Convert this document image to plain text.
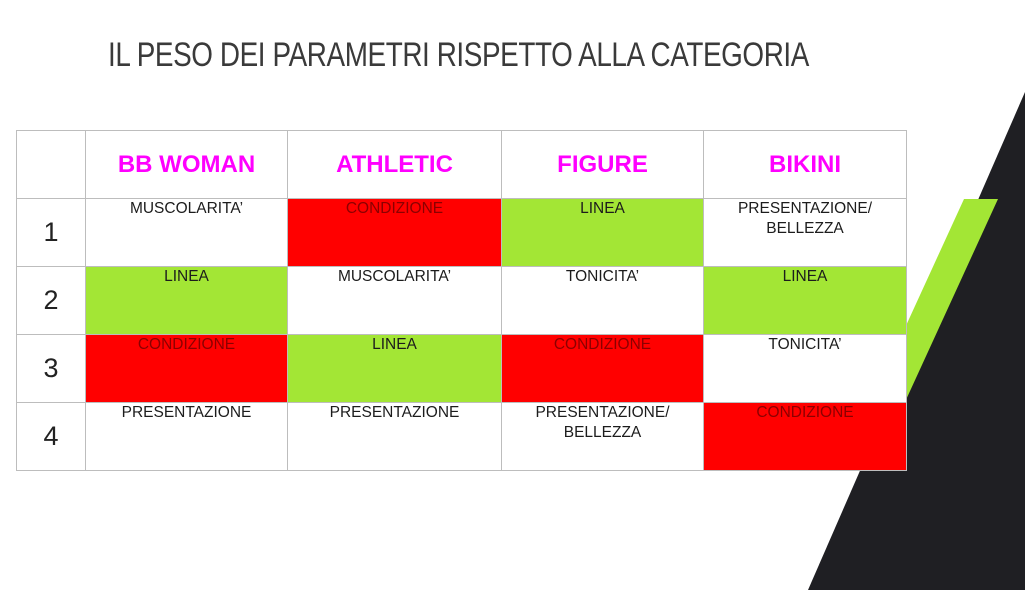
IL PESO DEI PARAMETRI RISPETTO ALLA CATEGORIA
	BB WOMAN	ATHLETIC	FIGURE	BIKINI
1	MUSCOLARITA’	CONDIZIONE	LINEA	PRESENTAZIONE/ BELLEZZA

2	LINEA	MUSCOLARITA’	TONICITA’	LINEA

3	CONDIZIONE	LINEA	CONDIZIONE	TONICITA’

4	PRESENTAZIONE	PRESENTAZIONE	PRESENTAZIONE/ BELLEZZA	CONDIZIONE
